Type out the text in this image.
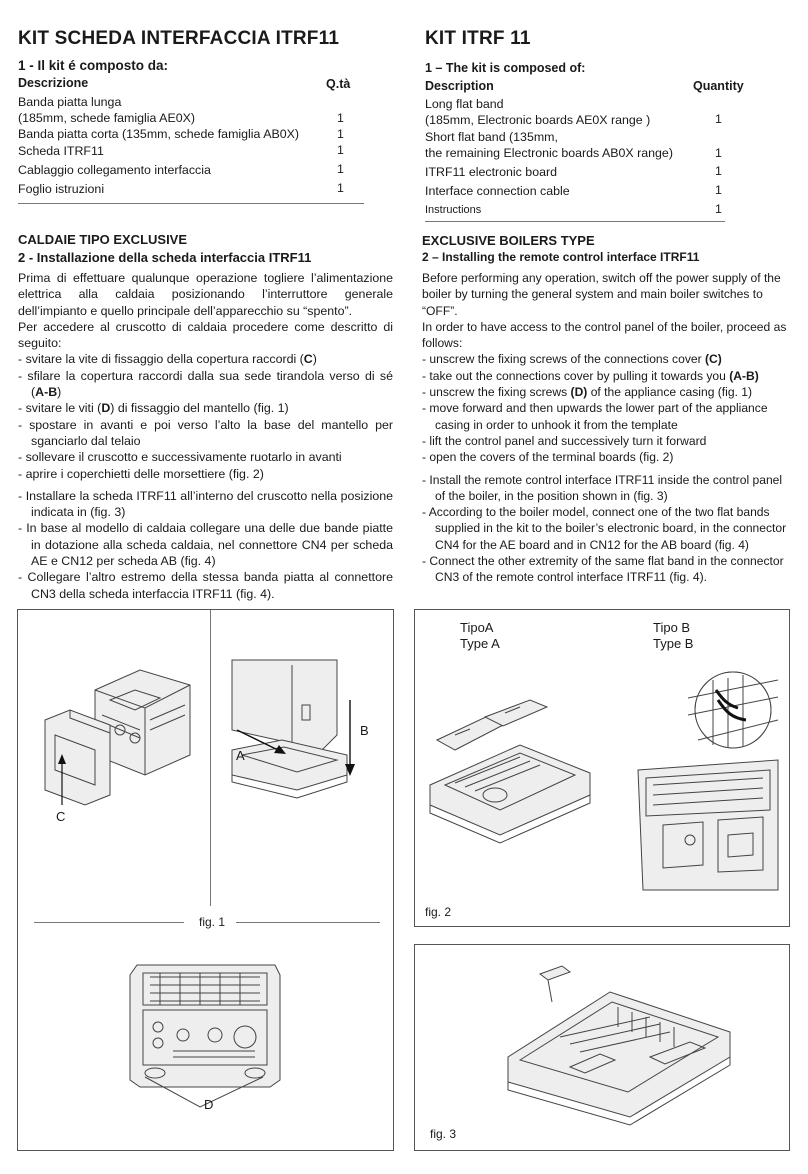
KIT SCHEDA INTERFACCIA ITRF11
1 - Il kit é composto da:
Descrizione	Q.tà
Banda piatta lunga
(185mm, schede famiglia AE0X)	1
Banda piatta corta (135mm, schede famiglia AB0X)	1
Scheda ITRF11	1
Cablaggio collegamento interfaccia	1
Foglio istruzioni	1
CALDAIE TIPO EXCLUSIVE
2 - Installazione della scheda interfaccia ITRF11
Prima di effettuare qualunque operazione togliere l’alimentazione elettrica alla caldaia posizionando l’interruttore generale dell’impianto e quello principale dell’apparecchio su “spento”.
Per accedere al cruscotto di caldaia procedere come descritto di seguito:
- svitare la vite di fissaggio della copertura raccordi (C)
- sfilare la copertura raccordi dalla sua sede tirandola verso di sé (A-B)
- svitare le viti (D) di fissaggio del mantello (fig. 1)
- spostare in avanti e poi verso l’alto la base del mantello per sganciarlo dal telaio
- sollevare il cruscotto e successivamente ruotarlo in avanti
- aprire i coperchietti delle morsettiere (fig. 2)
- Installare la scheda ITRF11 all’interno del cruscotto nella posizione indicata in (fig. 3)
- In base al modello di caldaia collegare una delle due bande piatte in dotazione alla scheda caldaia, nel connettore CN4 per scheda AE e CN12 per scheda AB (fig. 4)
- Collegare l’altro estremo della stessa banda piatta al connettore CN3 della scheda interfaccia ITRF11 (fig. 4).
KIT ITRF 11
1 – The kit is composed of:
Description	Quantity
Long flat band
(185mm, Electronic boards AE0X range )	1
Short flat band (135mm,
the remaining Electronic boards AB0X range)	1
ITRF11 electronic board	1
Interface connection cable	1
Instructions	1
EXCLUSIVE BOILERS TYPE
2 – Installing the remote control interface ITRF11
Before performing any operation, switch off the power supply of the boiler by turning the general system and main boiler switches to “OFF”.
In order to have access to the control panel of the boiler, proceed as follows:
- unscrew the fixing screws of the connections cover (C)
- take out the connections cover by pulling it towards you (A-B)
- unscrew the fixing screws (D) of the appliance casing (fig. 1)
- move forward and then upwards the lower part of the appliance casing in order to unhook it from the template
- lift the control panel and successively turn it forward
- open the covers of the terminal boards (fig. 2)
- Install the remote control interface ITRF11 inside the control panel of the boiler, in the position shown in (fig. 3)
- According to the boiler model, connect one of the two flat bands supplied in the kit to the boiler’s electronic board, in the connector CN4 for the AE board and in CN12 for the AB board (fig. 4)
- Connect the other extremity of the same flat band in the connector CN3 of the remote control interface ITRF11 (fig. 4).
fig. 1
C
A
B
D
TipoA
Type A
Tipo B
Type B
fig. 2
fig. 3
